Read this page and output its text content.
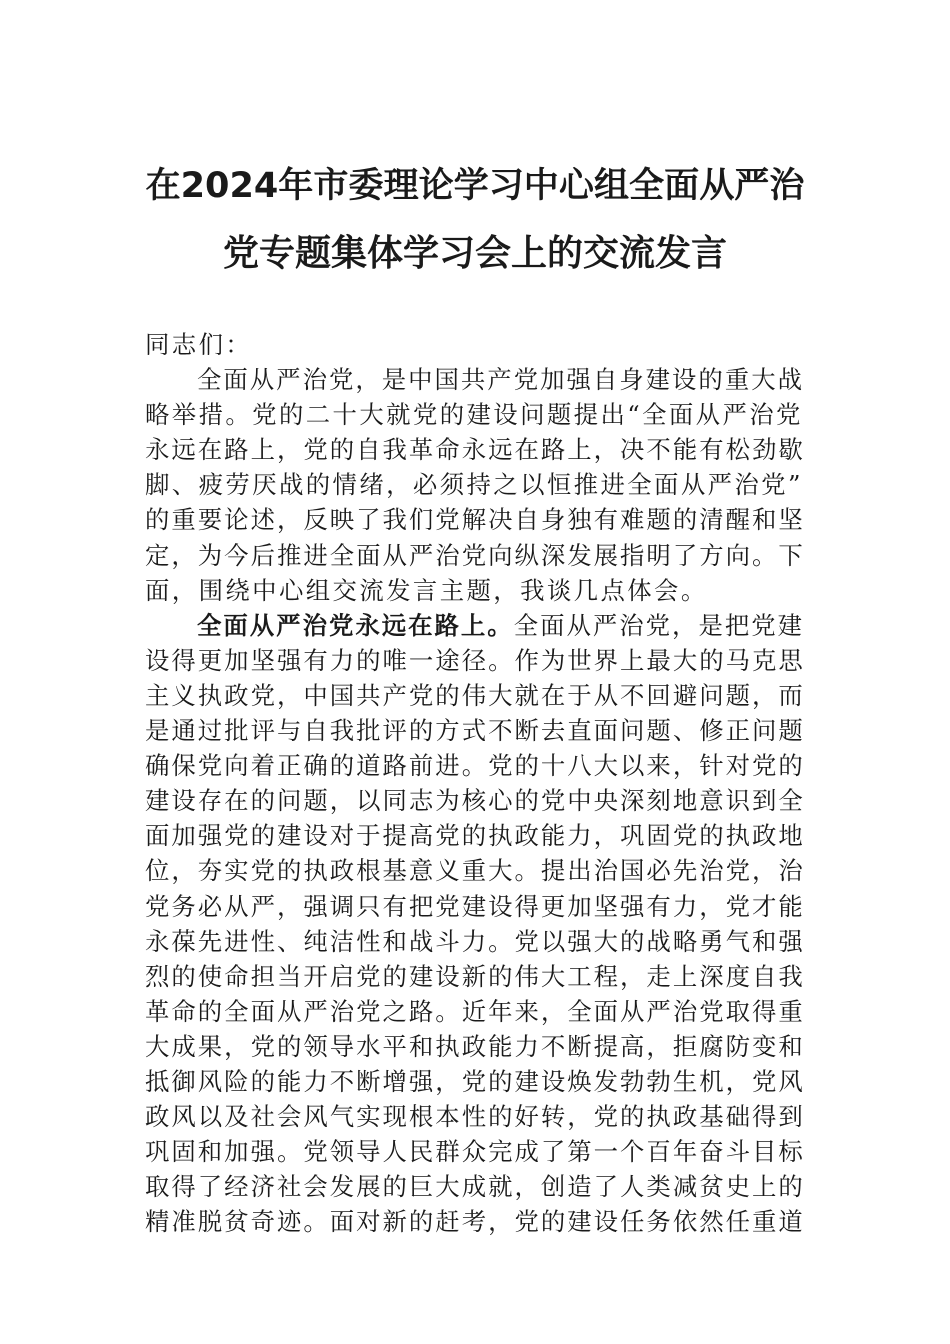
在2024年市委理论学习中心组全面从严治
党专题集体学习会上的交流发言
同志们：
全面从严治党，是中国共产党加强自身建设的重大战
略举措。党的二十大就党的建设问题提出“全面从严治党
永远在路上，党的自我革命永远在路上，决不能有松劲歇
脚、疲劳厌战的情绪，必须持之以恒推进全面从严治党”
的重要论述，反映了我们党解决自身独有难题的清醒和坚
定，为今后推进全面从严治党向纵深发展指明了方向。下
面，围绕中心组交流发言主题，我谈几点体会。
全面从严治党永远在路上。全面从严治党，是把党建
设得更加坚强有力的唯一途径。作为世界上最大的马克思
主义执政党，中国共产党的伟大就在于从不回避问题，而
是通过批评与自我批评的方式不断去直面问题、修正问题
确保党向着正确的道路前进。党的十八大以来，针对党的
建设存在的问题，以同志为核心的党中央深刻地意识到全
面加强党的建设对于提高党的执政能力，巩固党的执政地
位，夯实党的执政根基意义重大。提出治国必先治党，治
党务必从严，强调只有把党建设得更加坚强有力，党才能
永葆先进性、纯洁性和战斗力。党以强大的战略勇气和强
烈的使命担当开启党的建设新的伟大工程，走上深度自我
革命的全面从严治党之路。近年来，全面从严治党取得重
大成果，党的领导水平和执政能力不断提高，拒腐防变和
抵御风险的能力不断增强，党的建设焕发勃勃生机，党风
政风以及社会风气实现根本性的好转，党的执政基础得到
巩固和加强。党领导人民群众完成了第一个百年奋斗目标
取得了经济社会发展的巨大成就，创造了人类减贫史上的
精准脱贫奇迹。面对新的赶考，党的建设任务依然任重道
